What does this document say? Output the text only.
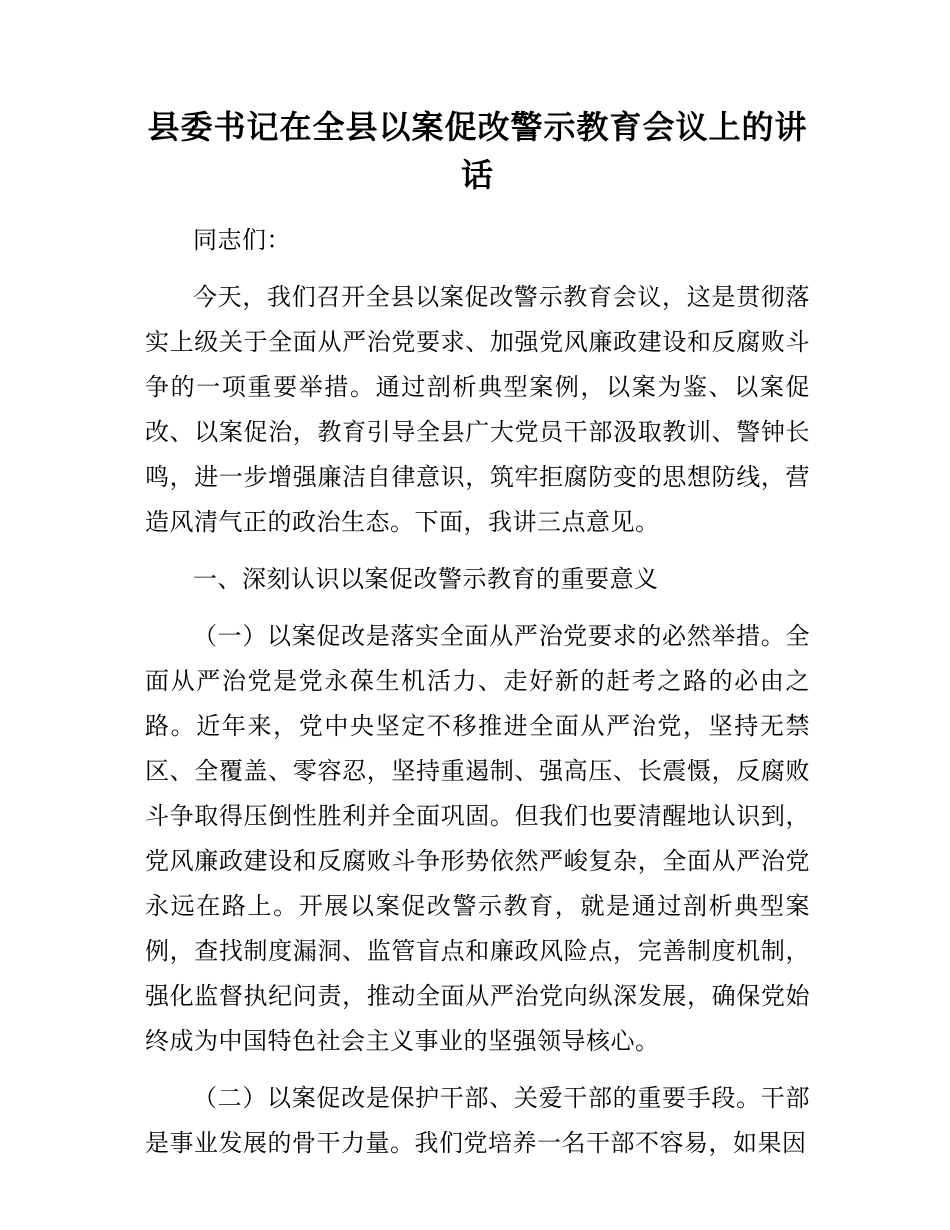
县委书记在全县以案促改警示教育会议上的讲话

同志们：

今天，我们召开全县以案促改警示教育会议，这是贯彻落实上级关于全面从严治党要求、加强党风廉政建设和反腐败斗争的一项重要举措。通过剖析典型案例，以案为鉴、以案促改、以案促治，教育引导全县广大党员干部汲取教训、警钟长鸣，进一步增强廉洁自律意识，筑牢拒腐防变的思想防线，营造风清气正的政治生态。下面，我讲三点意见。

一、深刻认识以案促改警示教育的重要意义

（一）以案促改是落实全面从严治党要求的必然举措。全面从严治党是党永葆生机活力、走好新的赶考之路的必由之路。近年来，党中央坚定不移推进全面从严治党，坚持无禁区、全覆盖、零容忍，坚持重遏制、强高压、长震慑，反腐败斗争取得压倒性胜利并全面巩固。但我们也要清醒地认识到，党风廉政建设和反腐败斗争形势依然严峻复杂，全面从严治党永远在路上。开展以案促改警示教育，就是通过剖析典型案例，查找制度漏洞、监管盲点和廉政风险点，完善制度机制，强化监督执纪问责，推动全面从严治党向纵深发展，确保党始终成为中国特色社会主义事业的坚强领导核心。

（二）以案促改是保护干部、关爱干部的重要手段。干部是事业发展的骨干力量。我们党培养一名干部不容易，如果因
